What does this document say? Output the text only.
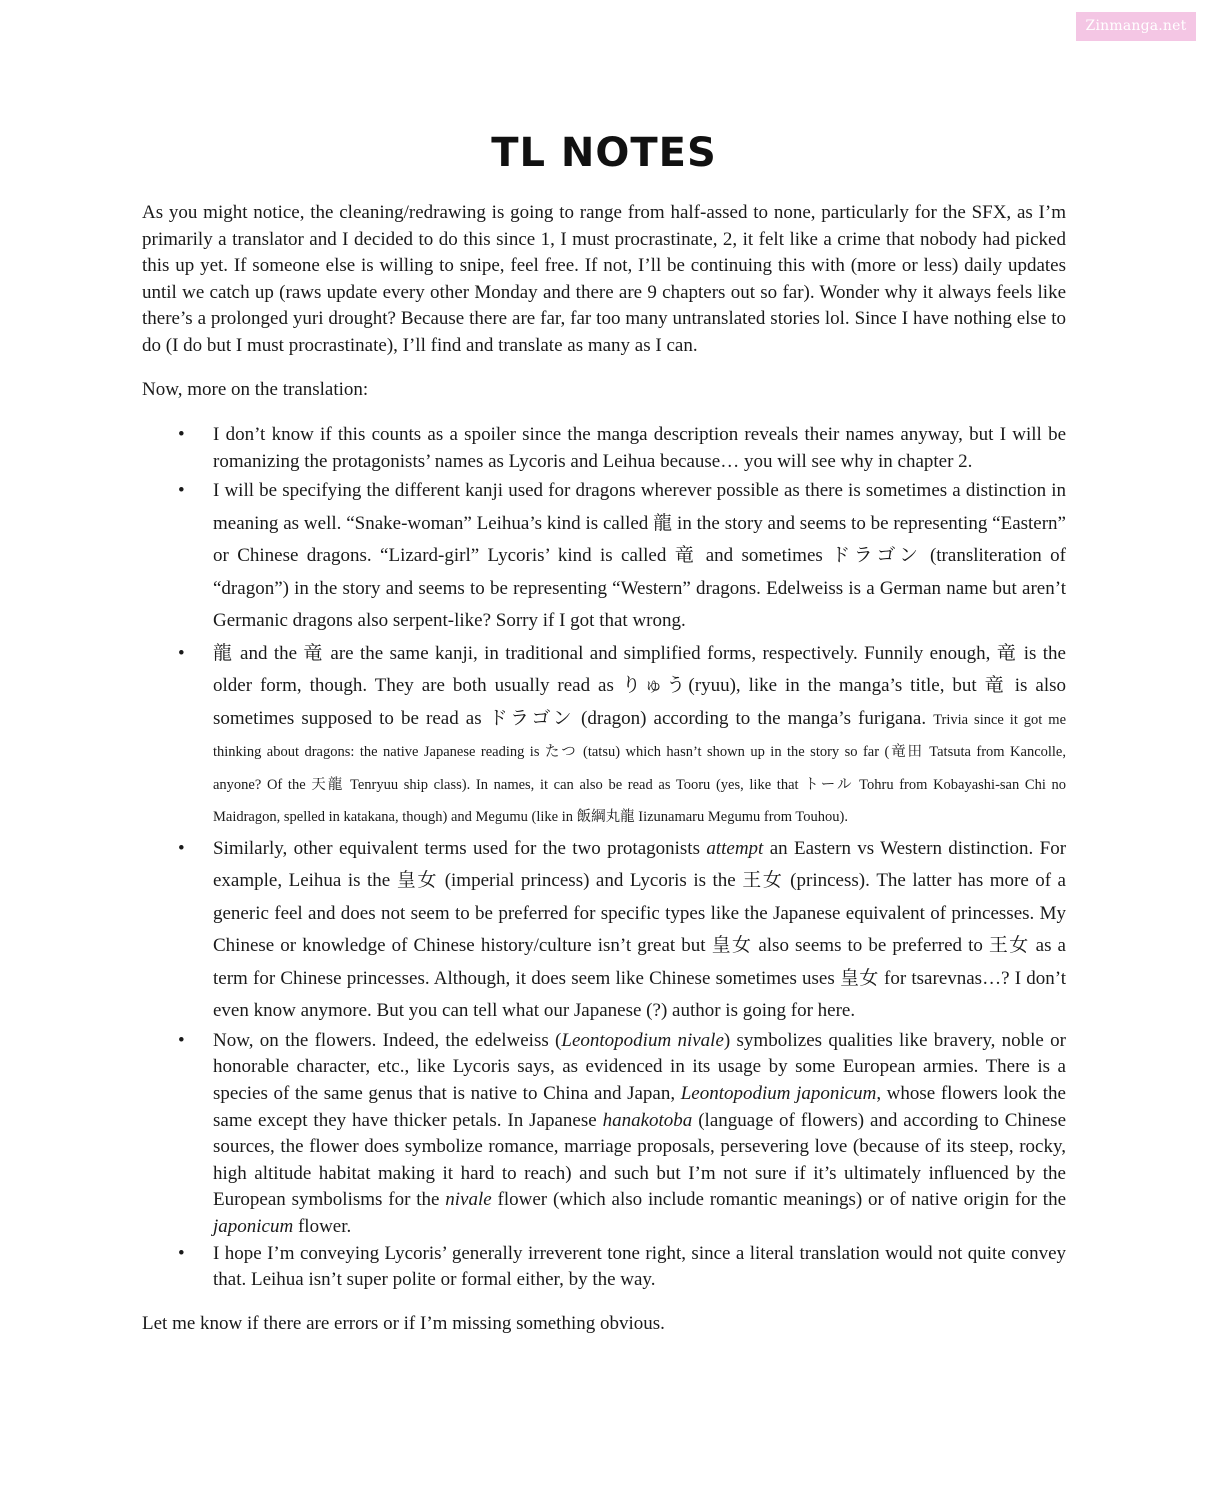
Zinmanga.net
TL NOTES

As you might notice, the cleaning/redrawing is going to range from half-assed to none, particularly for the SFX, as I’m primarily a translator and I decided to do this since 1, I must procrastinate, 2, it felt like a crime that nobody had picked this up yet. If someone else is willing to snipe, feel free. If not, I’ll be continuing this with (more or less) daily updates until we catch up (raws update every other Monday and there are 9 chapters out so far). Wonder why it always feels like there’s a prolonged yuri drought? Because there are far, far too many untranslated stories lol. Since I have nothing else to do (I do but I must procrastinate), I’ll find and translate as many as I can.

Now, more on the translation:

• I don’t know if this counts as a spoiler since the manga description reveals their names anyway, but I will be romanizing the protagonists’ names as Lycoris and Leihua because… you will see why in chapter 2.
• I will be specifying the different kanji used for dragons wherever possible as there is sometimes a distinction in meaning as well. “Snake-woman” Leihua’s kind is called 龍 in the story and seems to be representing “Eastern” or Chinese dragons. “Lizard-girl” Lycoris’ kind is called 竜 and sometimes ドラゴン (transliteration of “dragon”) in the story and seems to be representing “Western” dragons. Edelweiss is a German name but aren’t Germanic dragons also serpent-like? Sorry if I got that wrong.
• 龍 and the 竜 are the same kanji, in traditional and simplified forms, respectively. Funnily enough, 竜 is the older form, though. They are both usually read as りゅう(ryuu), like in the manga’s title, but 竜 is also sometimes supposed to be read as ドラゴン (dragon) according to the manga’s furigana. Trivia since it got me thinking about dragons: the native Japanese reading is たつ (tatsu) which hasn’t shown up in the story so far (竜田 Tatsuta from Kancolle, anyone? Of the 天龍 Tenryuu ship class). In names, it can also be read as Tooru (yes, like that トール Tohru from Kobayashi-san Chi no Maidragon, spelled in katakana, though) and Megumu (like in 飯綱丸龍 Iizunamaru Megumu from Touhou).
• Similarly, other equivalent terms used for the two protagonists attempt an Eastern vs Western distinction. For example, Leihua is the 皇女 (imperial princess) and Lycoris is the 王女 (princess). The latter has more of a generic feel and does not seem to be preferred for specific types like the Japanese equivalent of princesses. My Chinese or knowledge of Chinese history/culture isn’t great but 皇女 also seems to be preferred to 王女 as a term for Chinese princesses. Although, it does seem like Chinese sometimes uses 皇女 for tsarevnas…? I don’t even know anymore. But you can tell what our Japanese (?) author is going for here.
• Now, on the flowers. Indeed, the edelweiss (Leontopodium nivale) symbolizes qualities like bravery, noble or honorable character, etc., like Lycoris says, as evidenced in its usage by some European armies. There is a species of the same genus that is native to China and Japan, Leontopodium japonicum, whose flowers look the same except they have thicker petals. In Japanese hanakotoba (language of flowers) and according to Chinese sources, the flower does symbolize romance, marriage proposals, persevering love (because of its steep, rocky, high altitude habitat making it hard to reach) and such but I’m not sure if it’s ultimately influenced by the European symbolisms for the nivale flower (which also include romantic meanings) or of native origin for the japonicum flower.
• I hope I’m conveying Lycoris’ generally irreverent tone right, since a literal translation would not quite convey that. Leihua isn’t super polite or formal either, by the way.

Let me know if there are errors or if I’m missing something obvious.
